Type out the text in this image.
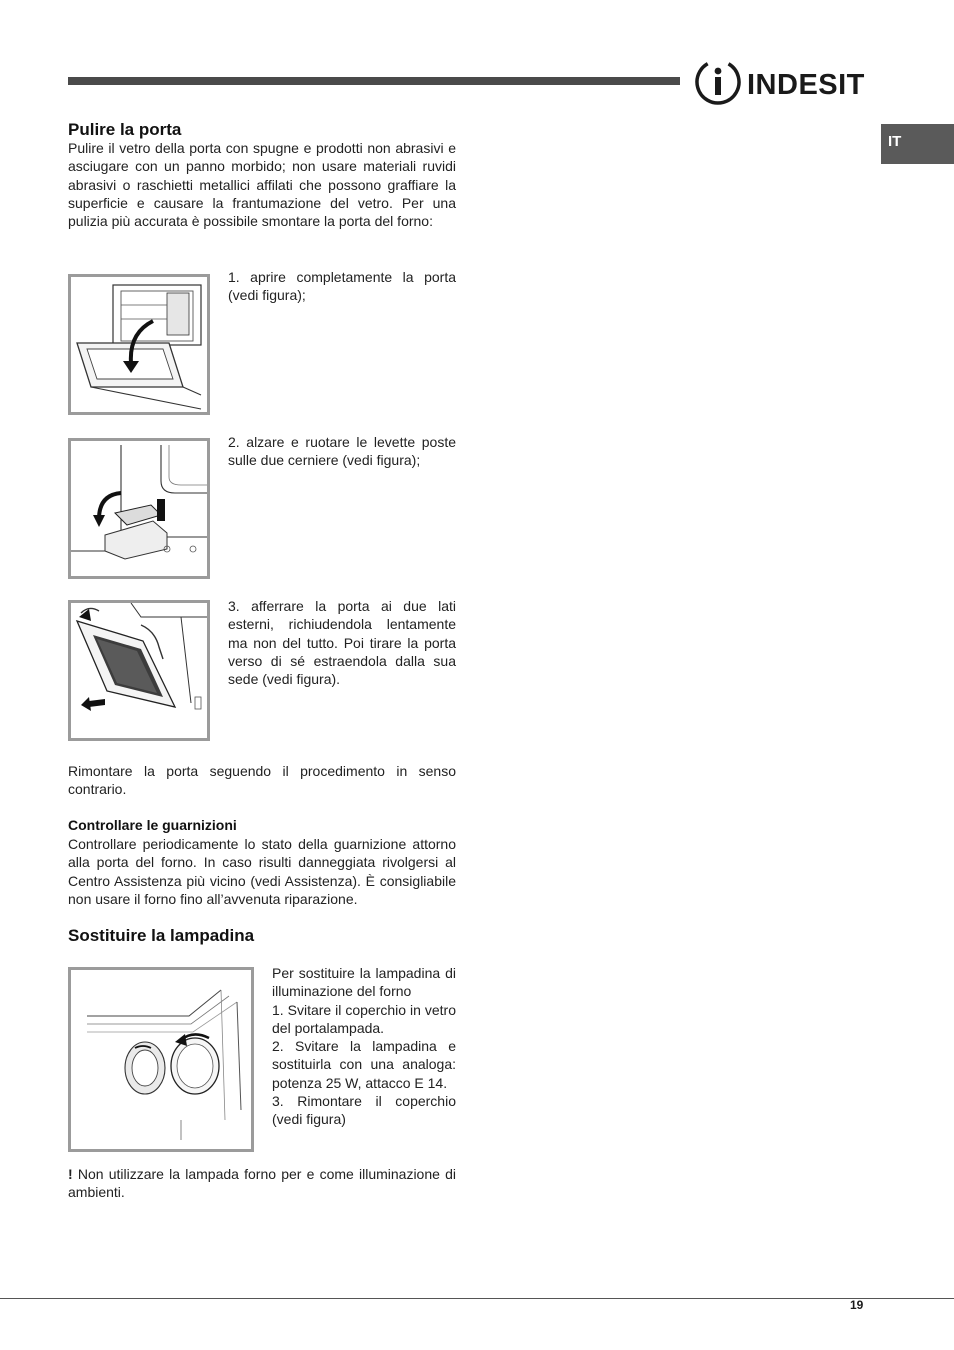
INDESIT
IT
Pulire la porta
Pulire il vetro della porta con spugne e prodotti non abrasivi e asciugare con un panno morbido; non usare materiali ruvidi abrasivi o raschietti metallici affilati che possono graffiare la superficie e causare la frantumazione del vetro. Per una pulizia più accurata è possibile smontare la porta del forno:
1. aprire completamente la porta (vedi figura);
2. alzare e ruotare le levette poste sulle due cerniere (vedi figura);
3. afferrare la porta ai due lati esterni, richiudendola lentamente ma non del tutto. Poi tirare la porta verso di sé estraendola dalla sua sede (vedi figura).
Rimontare la porta seguendo il procedimento in senso contrario.
Controllare le guarnizioni
Controllare periodicamente lo stato della guarnizione attorno alla porta del forno. In caso risulti danneggiata rivolgersi al Centro Assistenza più vicino (vedi Assistenza). È consigliabile non usare il forno fino all’avvenuta riparazione.
Sostituire la lampadina
Per sostituire la lampadina di illuminazione del forno
1. Svitare il coperchio in vetro del portalampada.
2. Svitare la lampadina e sostituirla con una analoga: potenza 25 W, attacco E 14.
3. Rimontare il coperchio (vedi figura)
! Non utilizzare la lampada forno per e come illuminazione di ambienti.
19
